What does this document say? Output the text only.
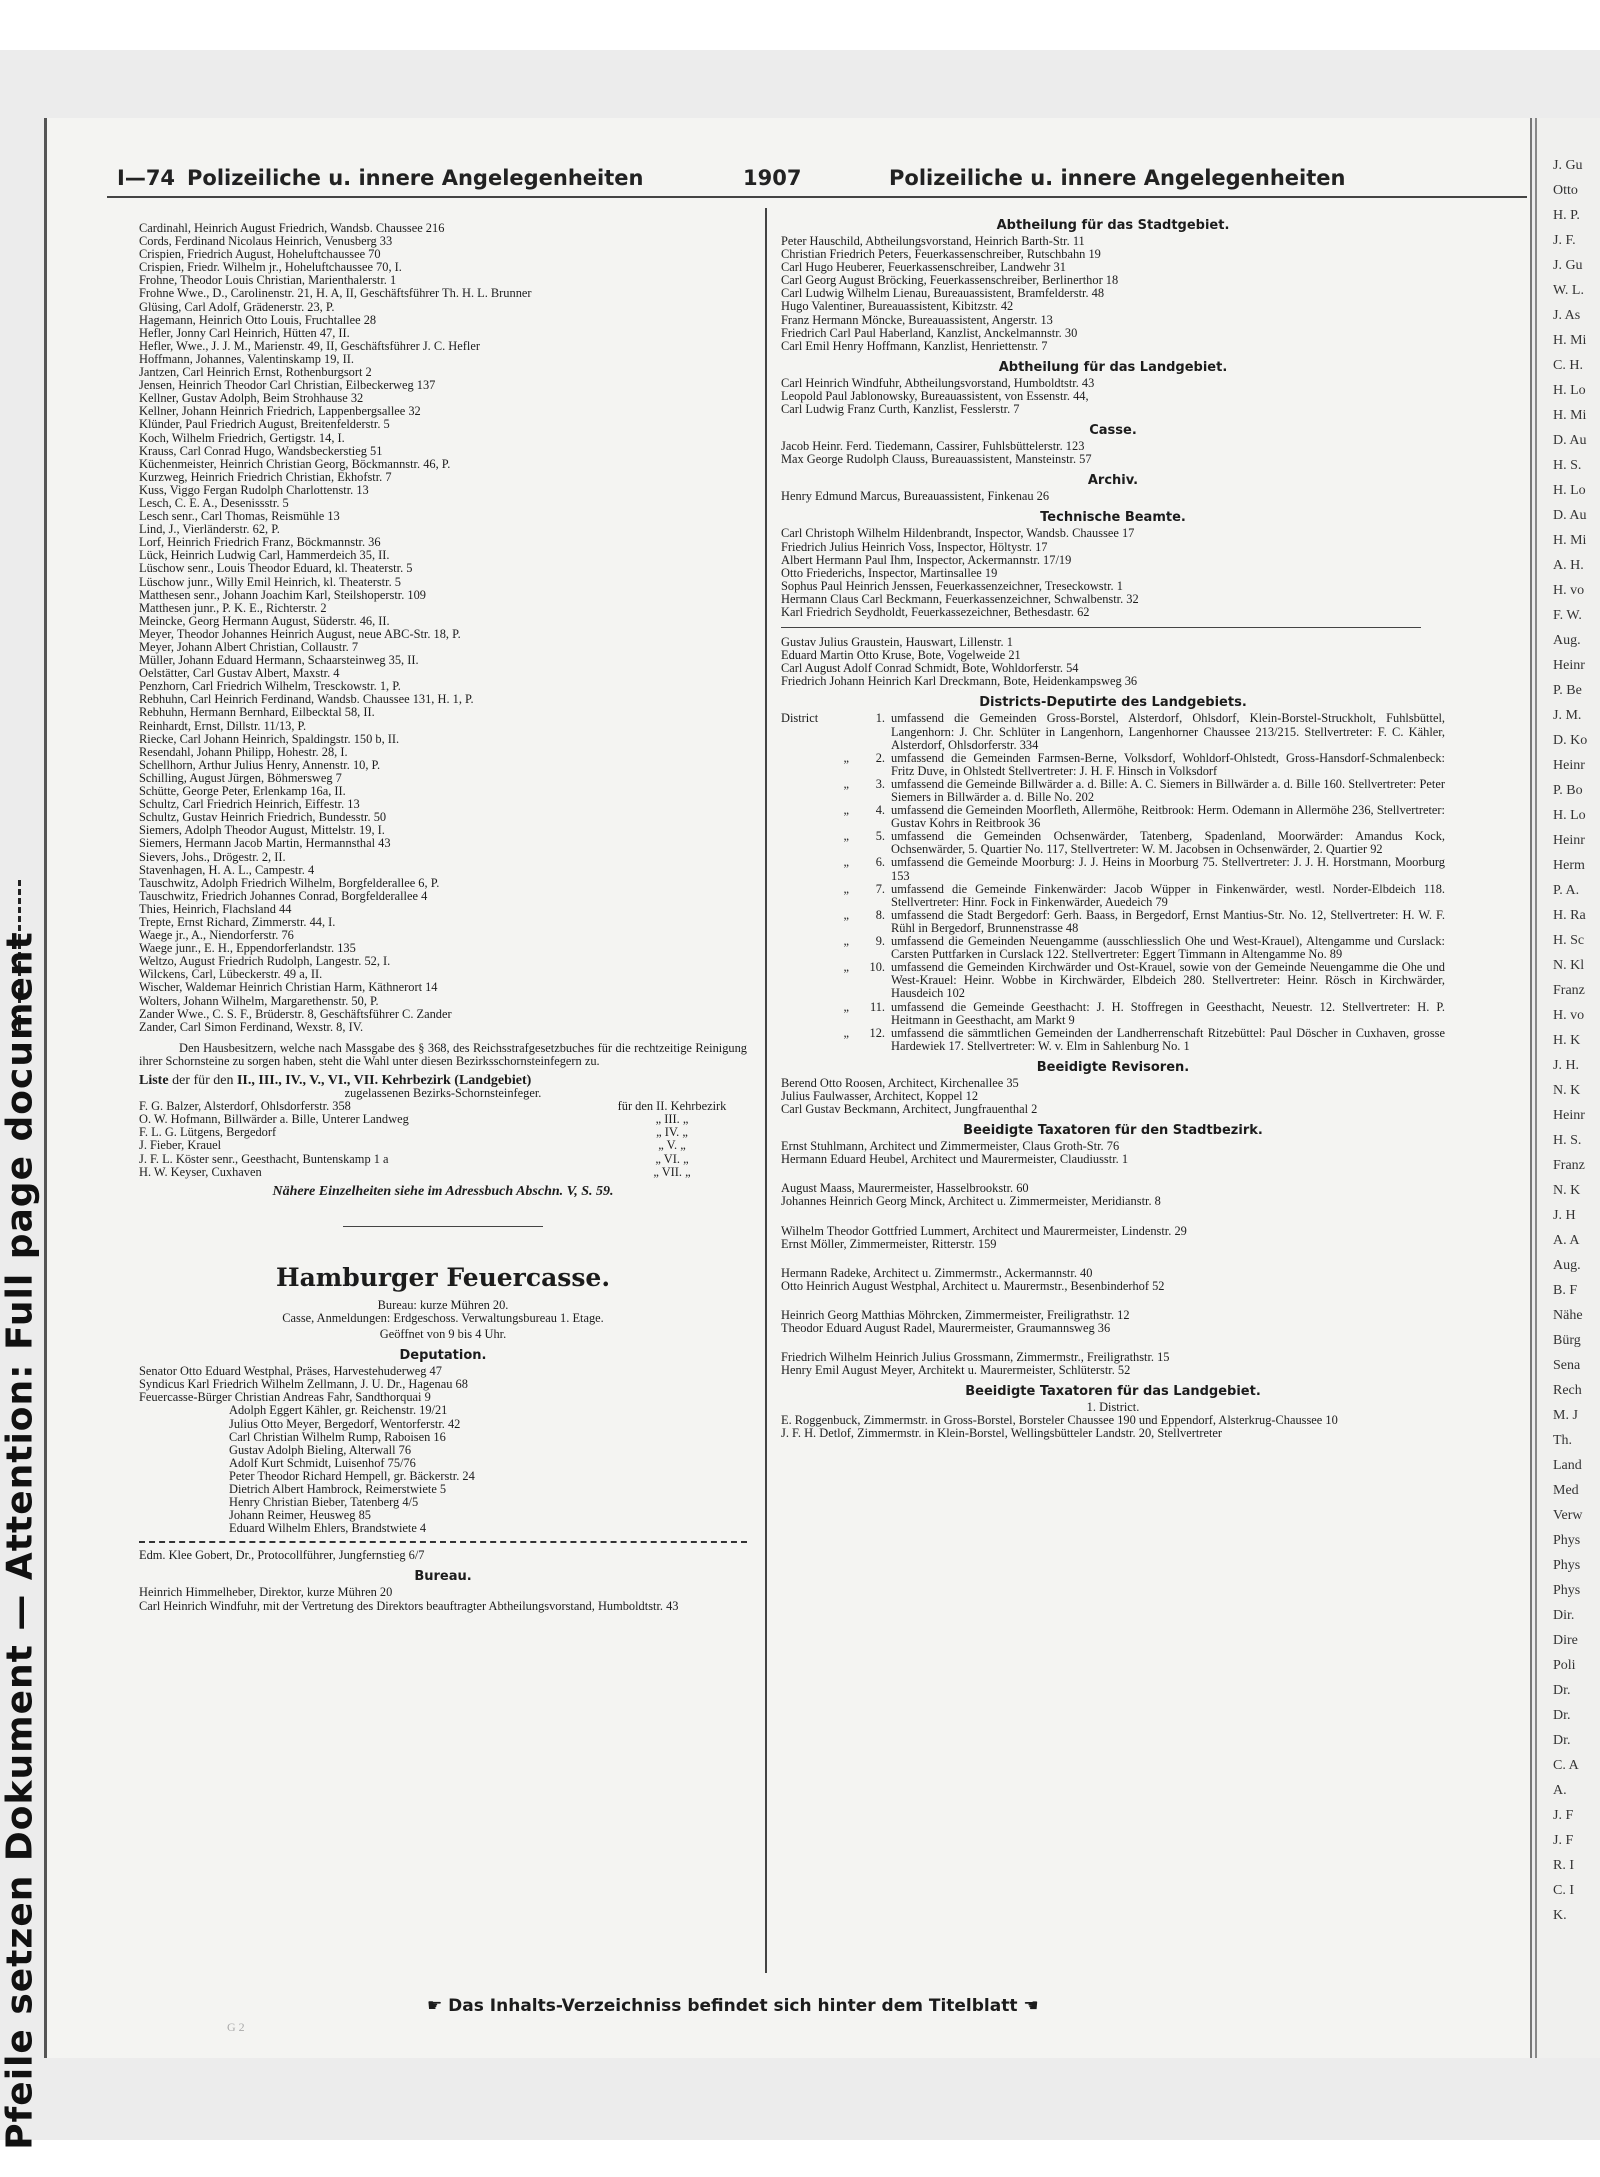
Pfeile setzen Dokument — Attention: Full page document
I—74 Polizeiliche u. innere Angelegenheiten	1907	Polizeiliche u. innere Angelegenheiten
Cardinahl, Heinrich August Friedrich, Wandsb. Chaussee 216
Cords, Ferdinand Nicolaus Heinrich, Venusberg 33
Crispien, Friedrich August, Hoheluftchaussee 70
Crispien, Friedr. Wilhelm jr., Hoheluftchaussee 70, I.
Frohne, Theodor Louis Christian, Marienthalerstr. 1
Frohne Wwe., D., Carolinenstr. 21, H. A, II, Geschäftsführer Th. H. L. Brunner
Glüsing, Carl Adolf, Grädenerstr. 23, P.
Hagemann, Heinrich Otto Louis, Fruchtallee 28
Hefler, Jonny Carl Heinrich, Hütten 47, II.
Hefler, Wwe., J. J. M., Marienstr. 49, II, Geschäftsführer J. C. Hefler
Hoffmann, Johannes, Valentinskamp 19, II.
Jantzen, Carl Heinrich Ernst, Rothenburgsort 2
Jensen, Heinrich Theodor Carl Christian, Eilbeckerweg 137
Kellner, Gustav Adolph, Beim Strohhause 32
Kellner, Johann Heinrich Friedrich, Lappenbergsallee 32
Klünder, Paul Friedrich August, Breitenfelderstr. 5
Koch, Wilhelm Friedrich, Gertigstr. 14, I.
Krauss, Carl Conrad Hugo, Wandsbeckerstieg 51
Küchenmeister, Heinrich Christian Georg, Böckmannstr. 46, P.
Kurzweg, Heinrich Friedrich Christian, Ekhofstr. 7
Kuss, Viggo Fergan Rudolph Charlottenstr. 13
Lesch, C. E. A., Desenissstr. 5
Lesch senr., Carl Thomas, Reismühle 13
Lind, J., Vierländerstr. 62, P.
Lorf, Heinrich Friedrich Franz, Böckmannstr. 36
Lück, Heinrich Ludwig Carl, Hammerdeich 35, II.
Lüschow senr., Louis Theodor Eduard, kl. Theaterstr. 5
Lüschow junr., Willy Emil Heinrich, kl. Theaterstr. 5
Matthesen senr., Johann Joachim Karl, Steilshoperstr. 109
Matthesen junr., P. K. E., Richterstr. 2
Meincke, Georg Hermann August, Süderstr. 46, II.
Meyer, Theodor Johannes Heinrich August, neue ABC-Str. 18, P.
Meyer, Johann Albert Christian, Collaustr. 7
Müller, Johann Eduard Hermann, Schaarsteinweg 35, II.
Oelstätter, Carl Gustav Albert, Maxstr. 4
Penzhorn, Carl Friedrich Wilhelm, Tresckowstr. 1, P.
Rebhuhn, Carl Heinrich Ferdinand, Wandsb. Chaussee 131, H. 1, P.
Rebhuhn, Hermann Bernhard, Eilbecktal 58, II.
Reinhardt, Ernst, Dillstr. 11/13, P.
Riecke, Carl Johann Heinrich, Spaldingstr. 150 b, II.
Resendahl, Johann Philipp, Hohestr. 28, I.
Schellhorn, Arthur Julius Henry, Annenstr. 10, P.
Schilling, August Jürgen, Böhmersweg 7
Schütte, George Peter, Erlenkamp 16a, II.
Schultz, Carl Friedrich Heinrich, Eiffestr. 13
Schultz, Gustav Heinrich Friedrich, Bundesstr. 50
Siemers, Adolph Theodor August, Mittelstr. 19, I.
Siemers, Hermann Jacob Martin, Hermannsthal 43
Sievers, Johs., Drögestr. 2, II.
Stavenhagen, H. A. L., Campestr. 4
Tauschwitz, Adolph Friedrich Wilhelm, Borgfelderallee 6, P.
Tauschwitz, Friedrich Johannes Conrad, Borgfelderallee 4
Thies, Heinrich, Flachsland 44
Trepte, Ernst Richard, Zimmerstr. 44, I.
Waege jr., A., Niendorferstr. 76
Waege junr., E. H., Eppendorferlandstr. 135
Weltzo, August Friedrich Rudolph, Langestr. 52, I.
Wilckens, Carl, Lübeckerstr. 49 a, II.
Wischer, Waldemar Heinrich Christian Harm, Käthnerort 14
Wolters, Johann Wilhelm, Margarethenstr. 50, P.
Zander Wwe., C. S. F., Brüderstr. 8, Geschäftsführer C. Zander
Zander, Carl Simon Ferdinand, Wexstr. 8, IV.
Den Hausbesitzern, welche nach Massgabe des § 368, des Reichsstrafgesetzbuches für die rechtzeitige Reinigung ihrer Schornsteine zu sorgen haben, steht die Wahl unter diesen Bezirksschornsteinfegern zu.
Liste der für den II., III., IV., V., VI., VII. Kehrbezirk (Landgebiet)
zugelassenen Bezirks-Schornsteinfeger.
F. G. Balzer, Alsterdorf, Ohlsdorferstr. 358	für den II. Kehrbezirk
O. W. Hofmann, Billwärder a. Bille, Unterer Landweg	„ III. „
F. L. G. Lütgens, Bergedorf	„ IV. „
J. Fieber, Krauel	„ V. „
J. F. L. Köster senr., Geesthacht, Buntenskamp 1 a	„ VI. „
H. W. Keyser, Cuxhaven	„ VII. „
Nähere Einzelheiten siehe im Adressbuch Abschn. V, S. 59.
Hamburger Feuercasse.
Bureau: kurze Mühren 20.
Casse, Anmeldungen: Erdgeschoss. Verwaltungsbureau 1. Etage.
Geöffnet von 9 bis 4 Uhr.
Deputation.
Senator Otto Eduard Westphal, Präses, Harvestehuderweg 47
Syndicus Karl Friedrich Wilhelm Zellmann, J. U. Dr., Hagenau 68
Feuercasse-Bürger Christian Andreas Fahr, Sandthorquai 9
Adolph Eggert Kähler, gr. Reichenstr. 19/21
Julius Otto Meyer, Bergedorf, Wentorferstr. 42
Carl Christian Wilhelm Rump, Raboisen 16
Gustav Adolph Bieling, Alterwall 76
Adolf Kurt Schmidt, Luisenhof 75/76
Peter Theodor Richard Hempell, gr. Bäckerstr. 24
Dietrich Albert Hambrock, Reimerstwiete 5
Henry Christian Bieber, Tatenberg 4/5
Johann Reimer, Heusweg 85
Eduard Wilhelm Ehlers, Brandstwiete 4
Edm. Klee Gobert, Dr., Protocollführer, Jungfernstieg 6/7
Bureau.
Heinrich Himmelheber, Direktor, kurze Mühren 20
Carl Heinrich Windfuhr, mit der Vertretung des Direktors beauftragter Abtheilungsvorstand, Humboldtstr. 43
Abtheilung für das Stadtgebiet.
Peter Hauschild, Abtheilungsvorstand, Heinrich Barth-Str. 11
Christian Friedrich Peters, Feuerkassenschreiber, Rutschbahn 19
Carl Hugo Heuberer, Feuerkassenschreiber, Landwehr 31
Carl Georg August Bröcking, Feuerkassenschreiber, Berlinerthor 18
Carl Ludwig Wilhelm Lienau, Bureauassistent, Bramfelderstr. 48
Hugo Valentiner, Bureauassistent, Kibitzstr. 42
Franz Hermann Möncke, Bureauassistent, Angerstr. 13
Friedrich Carl Paul Haberland, Kanzlist, Anckelmannstr. 30
Carl Emil Henry Hoffmann, Kanzlist, Henriettenstr. 7
Abtheilung für das Landgebiet.
Carl Heinrich Windfuhr, Abtheilungsvorstand, Humboldtstr. 43
Leopold Paul Jablonowsky, Bureauassistent, von Essenstr. 44,
Carl Ludwig Franz Curth, Kanzlist, Fesslerstr. 7
Casse.
Jacob Heinr. Ferd. Tiedemann, Cassirer, Fuhlsbüttelerstr. 123
Max George Rudolph Clauss, Bureauassistent, Mansteinstr. 57
Archiv.
Henry Edmund Marcus, Bureauassistent, Finkenau 26
Technische Beamte.
Carl Christoph Wilhelm Hildenbrandt, Inspector, Wandsb. Chaussee 17
Friedrich Julius Heinrich Voss, Inspector, Höltystr. 17
Albert Hermann Paul Ihm, Inspector, Ackermannstr. 17/19
Otto Friederichs, Inspector, Martinsallee 19
Sophus Paul Heinrich Jenssen, Feuerkassenzeichner, Treseckowstr. 1
Hermann Claus Carl Beckmann, Feuerkassenzeichner, Schwalbenstr. 32
Karl Friedrich Seydholdt, Feuerkassezeichner, Bethesdastr. 62
Gustav Julius Graustein, Hauswart, Lillenstr. 1
Eduard Martin Otto Kruse, Bote, Vogelweide 21
Carl August Adolf Conrad Schmidt, Bote, Wohldorferstr. 54
Friedrich Johann Heinrich Karl Dreckmann, Bote, Heidenkampsweg 36
Districts-Deputirte des Landgebiets.
District	1. umfassend die Gemeinden Gross-Borstel, Alsterdorf, Ohlsdorf, Klein-Borstel-Struckholt, Fuhlsbüttel, Langenhorn: J. Chr. Schlüter in Langenhorn, Langenhorner Chaussee 213/215. Stellvertreter: F. C. Kähler, Alsterdorf, Ohlsdorferstr. 334
„	2. umfassend die Gemeinden Farmsen-Berne, Volksdorf, Wohldorf-Ohlstedt, Gross-Hansdorf-Schmalenbeck: Fritz Duve, in Ohlstedt Stellvertreter: J. H. F. Hinsch in Volksdorf
„	3. umfassend die Gemeinde Billwärder a. d. Bille: A. C. Siemers in Billwärder a. d. Bille 160. Stellvertreter: Peter Siemers in Billwärder a. d. Bille No. 202
„	4. umfassend die Gemeinden Moorfleth, Allermöhe, Reitbrook: Herm. Odemann in Allermöhe 236, Stellvertreter: Gustav Kohrs in Reitbrook 36
„	5. umfassend die Gemeinden Ochsenwärder, Tatenberg, Spadenland, Moorwärder: Amandus Kock, Ochsenwärder, 5. Quartier No. 117, Stellvertreter: W. M. Jacobsen in Ochsenwärder, 2. Quartier 92
„	6. umfassend die Gemeinde Moorburg: J. J. Heins in Moorburg 75. Stellvertreter: J. J. H. Horstmann, Moorburg 153
„	7. umfassend die Gemeinde Finkenwärder: Jacob Wüpper in Finkenwärder, westl. Norder-Elbdeich 118. Stellvertreter: Hinr. Fock in Finkenwärder, Auedeich 79
„	8. umfassend die Stadt Bergedorf: Gerh. Baass, in Bergedorf, Ernst Mantius-Str. No. 12, Stellvertreter: H. W. F. Rühl in Bergedorf, Brunnenstrasse 48
„	9. umfassend die Gemeinden Neuengamme (ausschliesslich Ohe und West-Krauel), Altengamme und Curslack: Carsten Puttfarken in Curslack 122. Stellvertreter: Eggert Timmann in Altengamme No. 89
„	10. umfassend die Gemeinden Kirchwärder und Ost-Krauel, sowie von der Gemeinde Neuengamme die Ohe und West-Krauel: Heinr. Wobbe in Kirchwärder, Elbdeich 280. Stellvertreter: Heinr. Rösch in Kirchwärder, Hausdeich 102
„	11. umfassend die Gemeinde Geesthacht: J. H. Stoffregen in Geesthacht, Neuestr. 12. Stellvertreter: H. P. Heitmann in Geesthacht, am Markt 9
„	12. umfassend die sämmtlichen Gemeinden der Landherrenschaft Ritzebüttel: Paul Döscher in Cuxhaven, grosse Hardewiek 17. Stellvertreter: W. v. Elm in Sahlenburg No. 1
Beeidigte Revisoren.
Berend Otto Roosen, Architect, Kirchenallee 35
Julius Faulwasser, Architect, Koppel 12
Carl Gustav Beckmann, Architect, Jungfrauenthal 2
Beeidigte Taxatoren für den Stadtbezirk.
Ernst Stuhlmann, Architect und Zimmermeister, Claus Groth-Str. 76
Hermann Eduard Heubel, Architect und Maurermeister, Claudiusstr. 1
August Maass, Maurermeister, Hasselbrookstr. 60
Johannes Heinrich Georg Minck, Architect u. Zimmermeister, Meridianstr. 8
Wilhelm Theodor Gottfried Lummert, Architect und Maurermeister, Lindenstr. 29
Ernst Möller, Zimmermeister, Ritterstr. 159
Hermann Radeke, Architect u. Zimmermstr., Ackermannstr. 40
Otto Heinrich August Westphal, Architect u. Maurermstr., Besenbinderhof 52
Heinrich Georg Matthias Möhrcken, Zimmermeister, Freiligrathstr. 12
Theodor Eduard August Radel, Maurermeister, Graumannsweg 36
Friedrich Wilhelm Heinrich Julius Grossmann, Zimmermstr., Freiligrathstr. 15
Henry Emil August Meyer, Architekt u. Maurermeister, Schlüterstr. 52
Beeidigte Taxatoren für das Landgebiet.
1. District.
E. Roggenbuck, Zimmermstr. in Gross-Borstel, Borsteler Chaussee 190 und Eppendorf, Alsterkrug-Chaussee 10
J. F. H. Detlof, Zimmermstr. in Klein-Borstel, Wellingsbütteler Landstr. 20, Stellvertreter
☛ Das Inhalts-Verzeichniss befindet sich hinter dem Titelblatt ☚
G 2
J. Gu
Otto
H. P.
J. F.
J. Gu
W. L.
J. As
H. Mi
C. H.
H. Lo
H. Mi
D. Au
H. S.
H. Lo
D. Au
H. Mi
A. H.
H. vo
F. W.
Aug.
Heinr
P. Be
J. M.
D. Ko
Heinr
P. Bo
H. Lo
Heinr
Herm
P. A.
H. Ra
H. Sc
N. Kl
Franz
H. vo
H. K
J. H.
N. K
Heinr
H. S.
Franz
N. K
J. H
A. A
Aug.
B. F
Nähe
Bürg
Sena
Rech
M. J
Th.
Land
Med
Verw
Phys
Phys
Phys
Dir.
Dire
Poli
Dr.
Dr.
Dr.
C. A
A.
J. F
J. F
R. I
C. I
K.
